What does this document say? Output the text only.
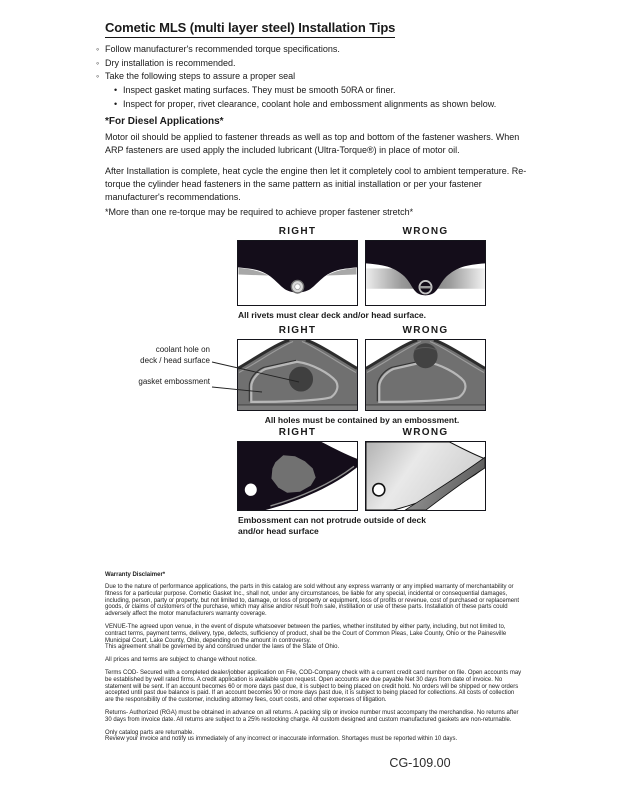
Cometic MLS (multi layer steel) Installation Tips
◦ Follow manufacturer's recommended torque specifications.
◦ Dry installation is recommended.
◦ Take the following steps to assure a proper seal
• Inspect gasket mating surfaces. They must be smooth 50RA or finer.
• Inspect for proper, rivet clearance, coolant hole and embossment alignments as shown below.
*For Diesel Applications*
Motor oil should be applied to fastener threads as well as top and bottom of the fastener washers. When ARP fasteners are used apply the included lubricant (Ultra-Torque®) in place of motor oil.
After Installation is complete, heat cycle the engine then let it completely cool to ambient temperature. Re-torque the cylinder head fasteners in the same pattern as initial installation or per your fastener manufacturer's recommendations.
*More than one re-torque may be required to achieve proper fastener stretch*
RIGHT	WRONG
All rivets must clear deck and/or head surface.
RIGHT	WRONG
All holes must be contained by an embossment.
coolant hole on
deck / head surface
gasket embossment
RIGHT	WRONG
Embossment can not protrude outside of deck
and/or head surface
Warranty Disclaimer*
Due to the nature of performance applications, the parts in this catalog are sold without any express warranty or any implied warranty of merchantability or fitness for a particular purpose. Cometic Gasket Inc., shall not, under any circumstances, be liable for any special, incidental or consequential damages, including, person, party or property, but not limited to, damage, or loss of property or equipment, loss of profits or revenue, cost of purchased or replacement goods, or claims of customers of the purchase, which may arise and/or result from sale, instillation or use of these parts. Installation of these parts could adversely affect the motor manufacturers warranty coverage.
VENUE-The agreed upon venue, in the event of dispute whatsoever between the parties, whether instituted by either party, including, but not limited to, contract terms, payment terms, delivery, type, defects, sufficiency of product, shall be the Court of Common Pleas, Lake County, Ohio or the Painesville Municipal Court, Lake County, Ohio, depending on the amount in controversy.
This agreement shall be governed by and construed under the laws of the State of Ohio.
All prices and terms are subject to change without notice.
Terms COD- Secured with a completed dealer/jobber application on File, COD-Company check with a current credit card number on file. Open accounts may be established by well rated firms. A credit application is available upon request. Open accounts are due payable Net 30 days from date of invoice. No statement will be sent. If an account becomes 60 or more days past due, it is subject to being placed on credit hold. No orders will be shipped or new orders accepted until past due balance is paid. If an account becomes 90 or more days past due, it is subject to being placed for collections. All costs of collection are the responsibility of the customer, including attorney fees, court costs, and other expenses of litigation.
Returns- Authorized (RGA) must be obtained in advance on all returns. A packing slip or invoice number must accompany the merchandise. No returns after 30 days from invoice date. All returns are subject to a 25% restocking charge. All custom designed and custom manufactured gaskets are non-returnable.
Only catalog parts are returnable.
Review your invoice and notify us immediately of any incorrect or inaccurate information. Shortages must be reported within 10 days.
CG-109.00
